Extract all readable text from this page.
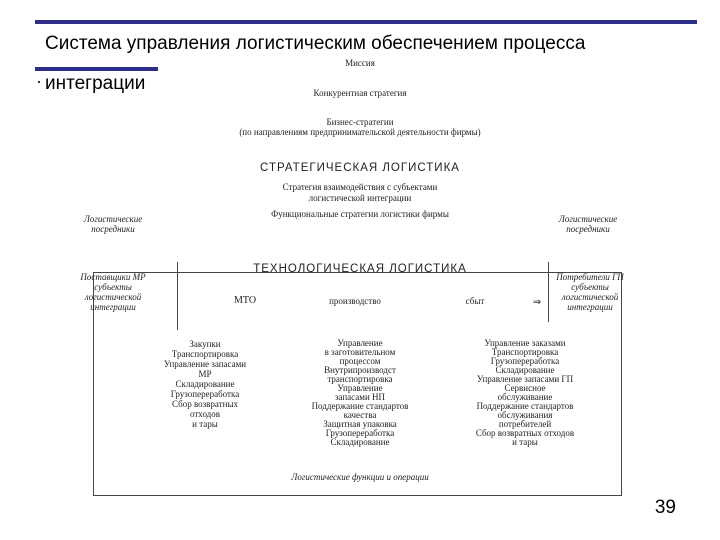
Система управления логистическим обеспечением процесса
интеграции
39
Миссия
Конкурентная стратегия
Бизнес-стратегии
(по направлениям предпринимательской деятельности фирмы)
СТРАТЕГИЧЕСКАЯ ЛОГИСТИКА
Стратегия взаимодействия с субъектами
логистической интеграции
Функциональные стратегии логистики фирмы
Логистические
посредники
Логистические
посредники
Поставщики МР
субъекты
логистической
интеграции
Потребители ГП
субъекты
логистической
интеграции
ТЕХНОЛОГИЧЕСКАЯ ЛОГИСТИКА
МТО	производство	сбыт	⇒
Закупки
Транспортировка
Управление запасами
МР
Складирование
Грузопереработка
Сбор возвратных
отходов
и тары
Управление
в заготовительном
процессом
Внутрипроизводст
транспортировка
Управление
запасами НП
Поддержание стандартов
качества
Защитная упаковка
Грузопереработка
Складирование
Управление заказами
Транспортировка
Грузопереработка
Складирование
Управление запасами ГП
Сервисное
обслуживание
Поддержание стандартов
обслуживания
потребителей
Сбор возвратных отходов
и тары
Логистические функции и операции
